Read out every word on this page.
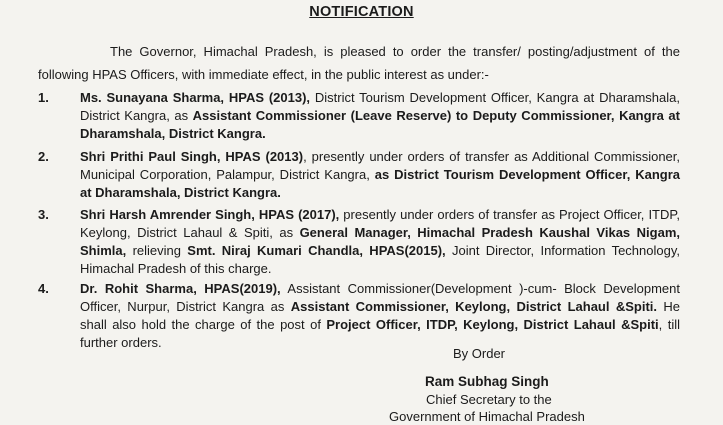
NOTIFICATION
The Governor, Himachal Pradesh, is pleased to order the transfer/ posting/adjustment of the following HPAS Officers, with immediate effect, in the public interest as under:-
1. Ms. Sunayana Sharma, HPAS (2013), District Tourism Development Officer, Kangra at Dharamshala, District Kangra, as Assistant Commissioner (Leave Reserve) to Deputy Commissioner, Kangra at Dharamshala, District Kangra.
2. Shri Prithi Paul Singh, HPAS (2013), presently under orders of transfer as Additional Commissioner, Municipal Corporation, Palampur, District Kangra, as District Tourism Development Officer, Kangra at Dharamshala, District Kangra.
3. Shri Harsh Amrender Singh, HPAS (2017), presently under orders of transfer as Project Officer, ITDP, Keylong, District Lahaul & Spiti, as General Manager, Himachal Pradesh Kaushal Vikas Nigam, Shimla, relieving Smt. Niraj Kumari Chandla, HPAS(2015), Joint Director, Information Technology, Himachal Pradesh of this charge.
4. Dr. Rohit Sharma, HPAS(2019), Assistant Commissioner(Development )-cum- Block Development Officer, Nurpur, District Kangra as Assistant Commissioner, Keylong, District Lahaul &Spiti. He shall also hold the charge of the post of Project Officer, ITDP, Keylong, District Lahaul &Spiti, till further orders.
By Order
Ram Subhag Singh
Chief Secretary to the
Government of Himachal Pradesh
